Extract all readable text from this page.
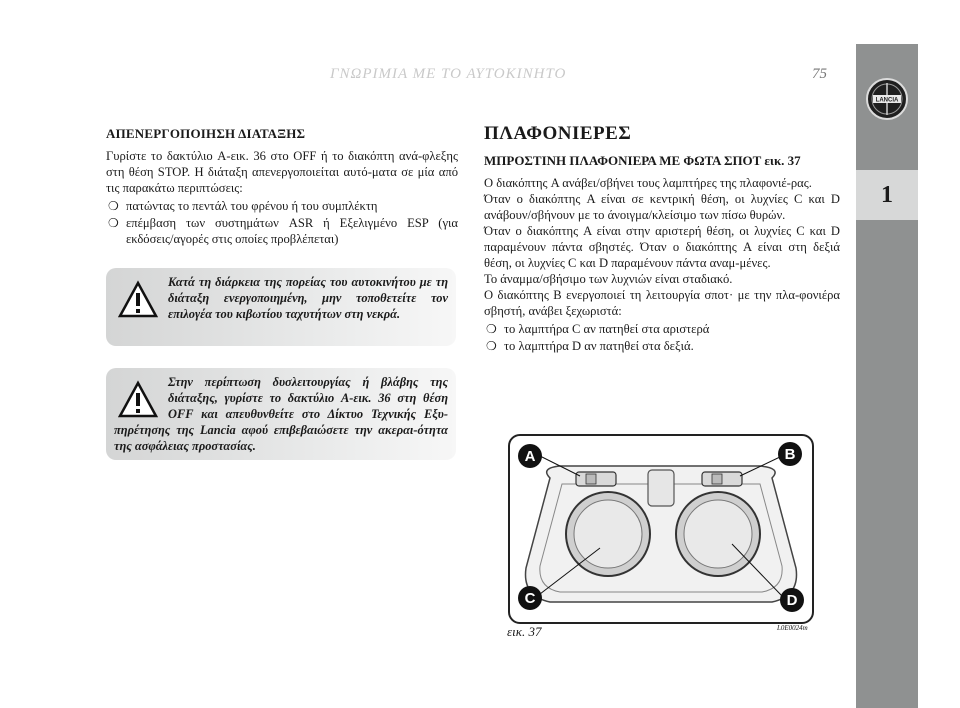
ΓΝΩΡΙΜΙΑ ΜΕ ΤΟ ΑΥΤΟΚΙΝΗΤΟ	75
LANCIA
1
ΑΠΕΝΕΡΓΟΠΟΙΗΣΗ ΔΙΑΤΑΞΗΣ

Γυρίστε το δακτύλιο A-εικ. 36 στο OFF ή το διακόπτη ανά-φλεξης στη θέση STOP. Η διάταξη απενεργοποιείται αυτό-ματα σε μία από τις παρακάτω περιπτώσεις:

❍ πατώντας το πεντάλ του φρένου ή του συμπλέκτη
❍ επέμβαση των συστημάτων ASR ή Εξελιγμένο ESP (για εκδόσεις/αγορές στις οποίες προβλέπεται)
Κατά τη διάρκεια της πορείας του αυτοκινήτου με τη διάταξη ενεργοποιημένη, μην τοποθετείτε τον επιλογέα του κιβωτίου ταχυτήτων στη νεκρά.
Στην περίπτωση δυσλειτουργίας ή βλάβης της διάταξης, γυρίστε το δακτύλιο A-εικ. 36 στη θέση OFF και απευθυνθείτε στο Δίκτυο Τεχνικής Εξυ-πηρέτησης της Lancia αφού επιβεβαιώσετε την ακεραι-ότητα της ασφάλειας προστασίας.
ΠΛΑΦΟΝΙΕΡΕΣ
ΜΠΡΟΣΤΙΝΗ ΠΛΑΦΟΝΙΕΡΑ ΜΕ ΦΩΤΑ ΣΠΟΤ εικ. 37

Ο διακόπτης A ανάβει/σβήνει τους λαμπτήρες της πλαφονιέ-ρας.

Όταν ο διακόπτης A είναι σε κεντρική θέση, οι λυχνίες C και D ανάβουν/σβήνουν με το άνοιγμα/κλείσιμο των πίσω θυρών.

Όταν ο διακόπτης A είναι στην αριστερή θέση, οι λυχνίες C και D παραμένουν πάντα σβηστές. Όταν ο διακόπτης A είναι στη δεξιά θέση, οι λυχνίες C και D παραμένουν πάντα αναμ-μένες.

Το άναμμα/σβήσιμο των λυχνιών είναι σταδιακό.

Ο διακόπτης B ενεργοποιεί τη λειτουργία σποτ· με την πλα-φονιέρα σβηστή, ανάβει ξεχωριστά:

❍ το λαμπτήρα C αν πατηθεί στα αριστερά
❍ το λαμπτήρα D αν πατηθεί στα δεξιά.
A	B
C	D
εικ. 37	L0E0024m
